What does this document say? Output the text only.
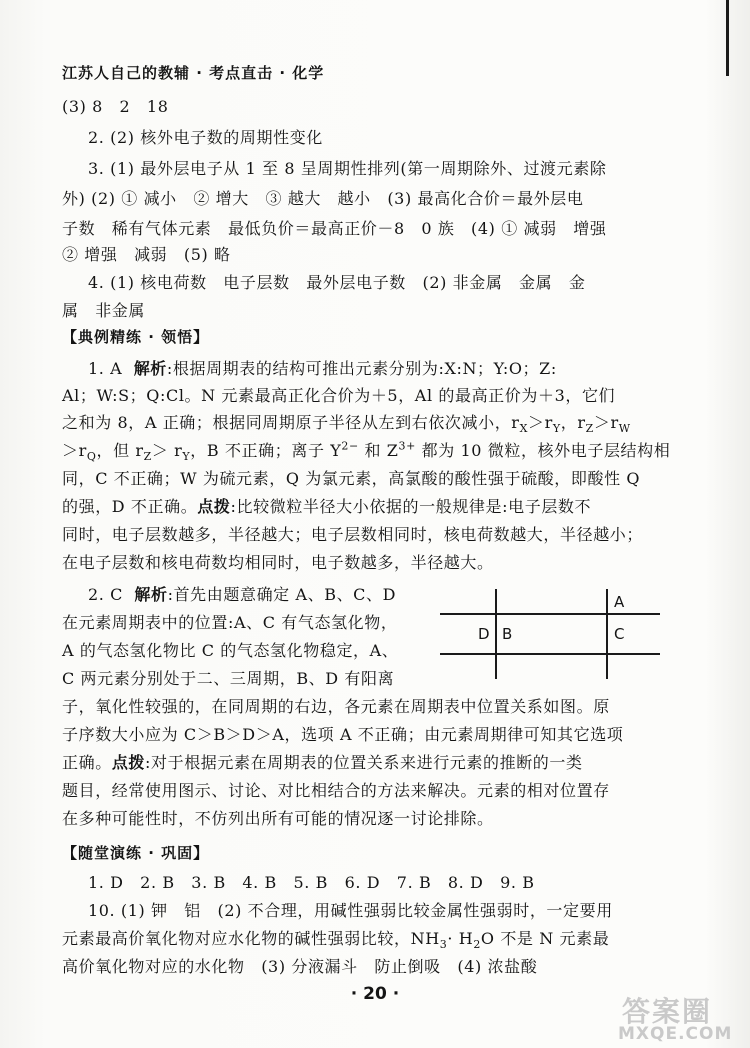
江苏人自己的教辅 · 考点直击 · 化学
(3) 8　2　18
2. (2) 核外电子数的周期性变化
3. (1) 最外层电子从 1 至 8 呈周期性排列(第一周期除外、过渡元素除
外) (2) ① 减小　② 增大　③ 越大　越小　(3) 最高化合价＝最外层电
子数　稀有气体元素　最低负价＝最高正价－8　0 族　(4) ① 减弱　增强
② 增强　减弱　(5) 略
4. (1) 核电荷数　电子层数　最外层电子数　(2) 非金属　金属　金
属　非金属
【典例精练 · 领悟】
1. A 解析:根据周期表的结构可推出元素分别为:X:N；Y:O；Z:
Al；W:S；Q:Cl。N 元素最高正化合价为＋5，Al 的最高正价为＋3，它们
之和为 8，A 正确；根据同周期原子半径从左到右依次减小，$r_X>r_Y$，$r_Z>r_W$
$>r_Q$，但 $r_Z> r_Y$，B 不正确；离子 $Y^{2-}$ 和 $Z^{3+}$ 都为 10 微粒，核外电子层结构相
同，C 不正确；W 为硫元素，Q 为氯元素，高氯酸的酸性强于硫酸，即酸性 Q
的强，D 不正确。点拨:比较微粒半径大小依据的一般规律是:电子层数不
同时，电子层数越多，半径越大；电子层数相同时，核电荷数越大，半径越小；
在电子层数和核电荷数均相同时，电子数越多，半径越大。
2. C 解析:首先由题意确定 A、B、C、D
在元素周期表中的位置:A、C 有气态氢化物，
A 的气态氢化物比 C 的气态氢化物稳定，A、
C 两元素分别处于二、三周期，B、D 有阳离
子，氧化性较强的，在同周期的右边，各元素在周期表中位置关系如图。原
子序数大小应为 C＞B＞D＞A，选项 A 不正确；由元素周期律可知其它选项
正确。点拨:对于根据元素在周期表的位置关系来进行元素的推断的一类
题目，经常使用图示、讨论、对比相结合的方法来解决。元素的相对位置存
在多种可能性时，不仿列出所有可能的情况逐一讨论排除。
A
D B	C
【随堂演练 · 巩固】
1. D　2. B　3. B　4. B　5. B　6. D　7. B　8. D　9. B
10. (1) 钾　铝　(2) 不合理，用碱性强弱比较金属性强弱时，一定要用
元素最高价氧化物对应水化物的碱性强弱比较，$NH_3\cdot H_2O$ 不是 N 元素最
高价氧化物对应的水化物　(3) 分液漏斗　防止倒吸　(4) 浓盐酸
· 20 ·
答案圈
MXQE.COM
